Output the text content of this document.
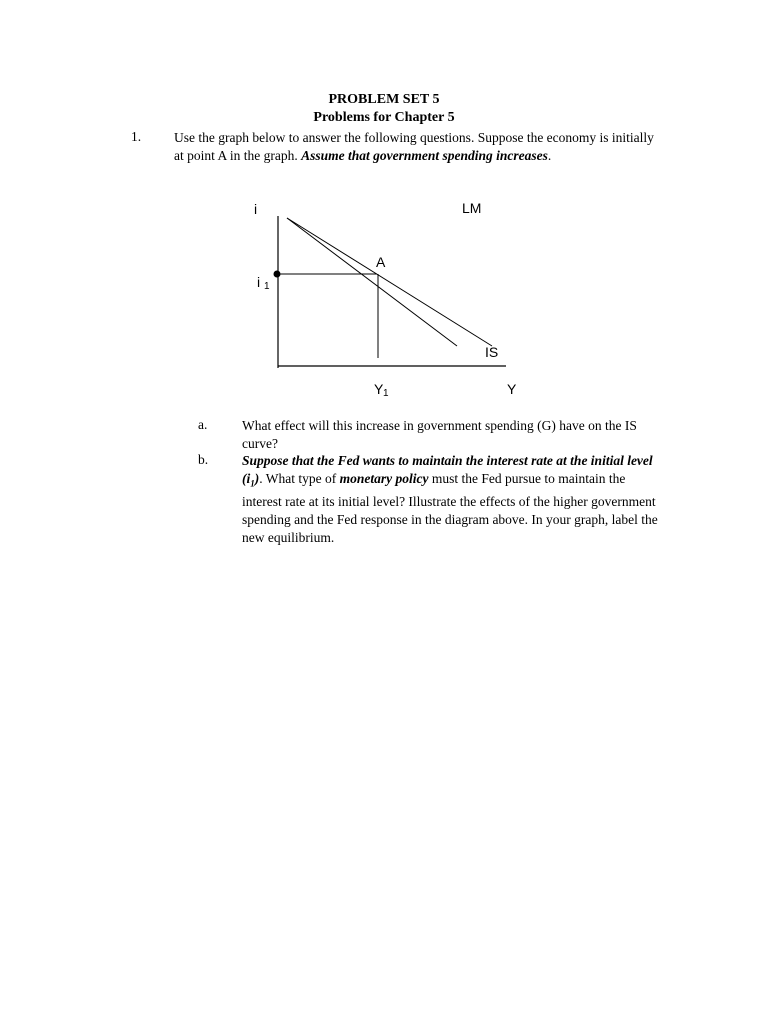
PROBLEM SET 5
Problems for Chapter 5
1. Use the graph below to answer the following questions. Suppose the economy is initially at point A in the graph. Assume that government spending increases.
i	LM
A
i 1
IS
Y 1	Y
a.	What effect will this increase in government spending (G) have on the IS curve?
b.	Suppose that the Fed wants to maintain the interest rate at the initial level $(i_1)$. What type of monetary policy must the Fed pursue to maintain the interest rate at its initial level? Illustrate the effects of the higher government spending and the Fed response in the diagram above. In your graph, label the new equilibrium.
